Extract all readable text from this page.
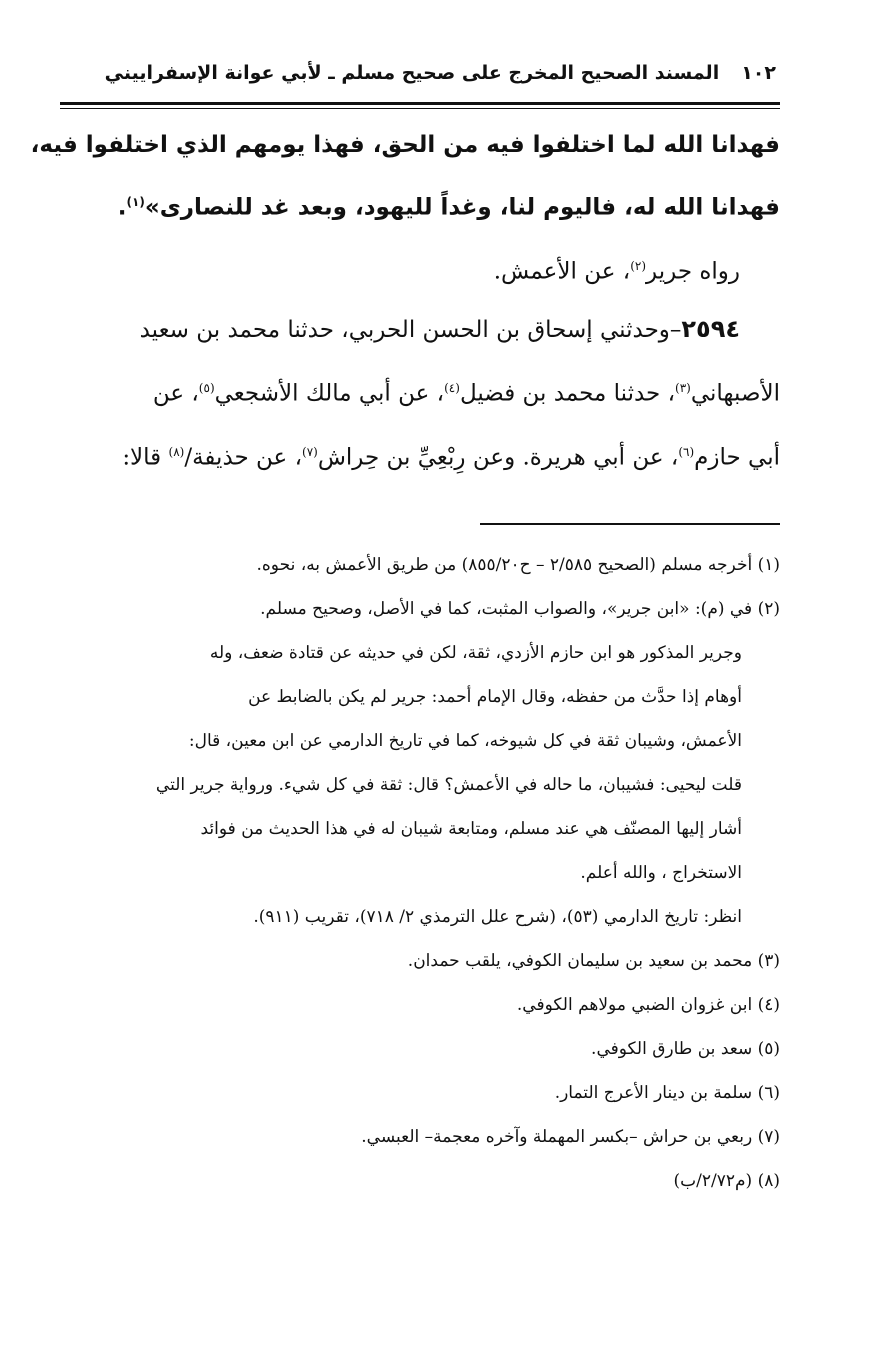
١٠٢
المسند الصحيح المخرج على صحيح مسلم ـ لأبي عوانة الإسفراييني
فهدانا الله لما اختلفوا فيه من الحق، فهذا يومهم الذي اختلفوا فيه،
فهدانا الله له، فاليوم لنا، وغداً لليهود، وبعد غد للنصارى»$^{(١)}$.
رواه جرير$^{(٢)}$، عن الأعمش.
٢٥٩٤–وحدثني إسحاق بن الحسن الحربي، حدثنا محمد بن سعيد
الأصبهاني$^{(٣)}$، حدثنا محمد بن فضيل$^{(٤)}$، عن أبي مالك الأشجعي$^{(٥)}$، عن
أبي حازم$^{(٦)}$، عن أبي هريرة. وعن رِبْعِيِّ بن حِراش$^{(٧)}$، عن حذيفة/$^{(٨)}$ قالا:
(١) أخرجه مسلم (الصحيح ٢/٥٨٥ – ح٨٥٥/٢٠) من طريق الأعمش به، نحوه.
(٢) في (م): «ابن جرير»، والصواب المثبت، كما في الأصل، وصحيح مسلم.
وجرير المذكور هو ابن حازم الأزدي، ثقة، لكن في حديثه عن قتادة ضعف، وله
أوهام إذا حدَّث من حفظه، وقال الإمام أحمد: جرير لم يكن بالضابط عن
الأعمش، وشيبان ثقة في كل شيوخه، كما في تاريخ الدارمي عن ابن معين، قال:
قلت ليحيى: فشيبان، ما حاله في الأعمش؟ قال: ثقة في كل شيء. ورواية جرير التي
أشار إليها المصنّف هي عند مسلم، ومتابعة شيبان له في هذا الحديث من فوائد
الاستخراج ، والله أعلم.
انظر: تاريخ الدارمي (٥٣)، (شرح علل الترمذي ٢/ ٧١٨)، تقريب (٩١١).
(٣) محمد بن سعيد بن سليمان الكوفي، يلقب حمدان.
(٤) ابن غزوان الضبي مولاهم الكوفي.
(٥) سعد بن طارق الكوفي.
(٦) سلمة بن دينار الأعرج التمار.
(٧) ربعي بن حراش –بكسر المهملة وآخره معجمة– العبسي.
(٨) (م٢/٧٢/ب)
